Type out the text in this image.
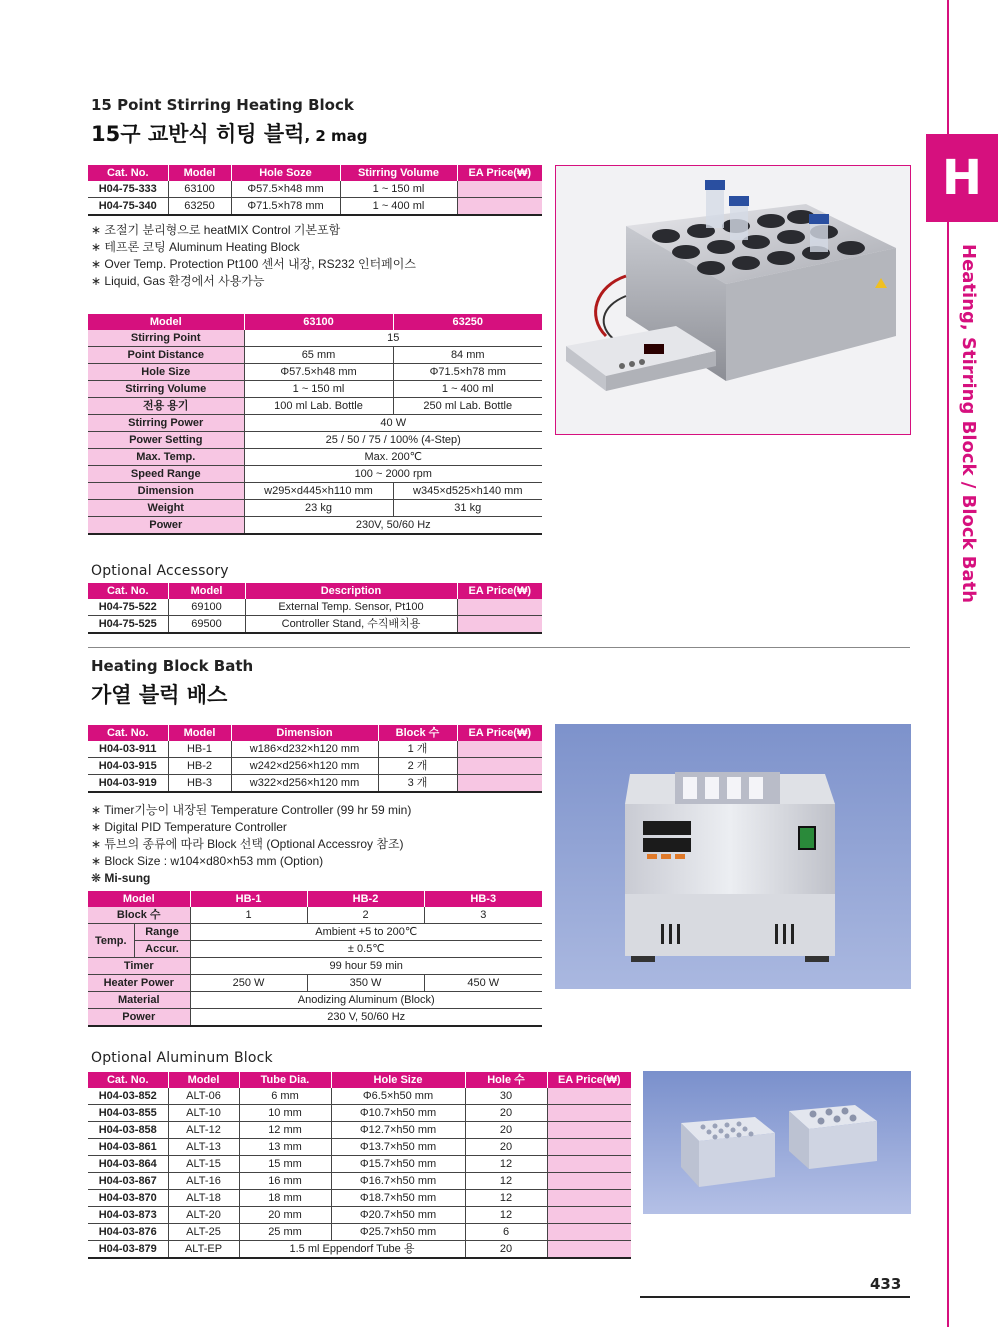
H
Heating, Stirring Block / Block Bath
15 Point Stirring Heating Block
15구 교반식 히팅 블럭, 2 mag
Cat. No.	Model	Hole Soze	Stirring Volume	EA Price(₩)
H04-75-333	63100	Φ57.5×h48 mm	1 ~ 150 ml	
H04-75-340	63250	Φ71.5×h78 mm	1 ~ 400 ml	
∗ 조절기 분리형으로 heatMIX Control 기본포함
∗ 테프론 코팅 Aluminum Heating Block
∗ Over Temp. Protection Pt100 센서 내장, RS232 인터페이스
∗ Liquid, Gas 환경에서 사용가능
Model	63100	63250
Stirring Point	15	
Point Distance	65 mm	84 mm
Hole Size	Φ57.5×h48 mm	Φ71.5×h78 mm
Stirring Volume	1 ~ 150 ml	1 ~ 400 ml
전용 용기	100 ml Lab. Bottle	250 ml Lab. Bottle
Stirring Power	40 W	
Power Setting	25 / 50 / 75 / 100% (4-Step)	
Max. Temp.	Max. 200℃	
Speed Range	100 ~ 2000 rpm	
Dimension	w295×d445×h110 mm	w345×d525×h140 mm
Weight	23 kg	31 kg
Power	230V, 50/60 Hz	
Optional Accessory
Cat. No.	Model	Description	EA Price(₩)
H04-75-522	69100	External Temp. Sensor, Pt100	
H04-75-525	69500	Controller Stand, 수직배치용	
Heating Block Bath
가열 블럭 배스
Cat. No.	Model	Dimension	Block 수	EA Price(₩)
H04-03-911	HB-1	w186×d232×h120 mm	1 개	
H04-03-915	HB-2	w242×d256×h120 mm	2 개	
H04-03-919	HB-3	w322×d256×h120 mm	3 개	
∗ Timer기능이 내장된 Temperature Controller (99 hr 59 min)
∗ Digital PID Temperature Controller
∗ 튜브의 종류에 따라 Block 선택 (Optional Accessroy 참조)
∗ Block Size : w104×d80×h53 mm (Option)
❋ Mi-sung
Model		HB-1	HB-2	HB-3
Block 수		1	2	3
Temp.	Range	Ambient +5 to 200℃		
	Accur.	± 0.5℃		
Timer		99 hour 59 min		
Heater Power		250 W	350 W	450 W
Material		Anodizing Aluminum (Block)		
Power		230 V, 50/60 Hz		
Optional Aluminum Block
Cat. No.	Model	Tube Dia.	Hole Size	Hole 수	EA Price(₩)
H04-03-852	ALT-06	6 mm	Φ6.5×h50 mm	30	
H04-03-855	ALT-10	10 mm	Φ10.7×h50 mm	20	
H04-03-858	ALT-12	12 mm	Φ12.7×h50 mm	20	
H04-03-861	ALT-13	13 mm	Φ13.7×h50 mm	20	
H04-03-864	ALT-15	15 mm	Φ15.7×h50 mm	12	
H04-03-867	ALT-16	16 mm	Φ16.7×h50 mm	12	
H04-03-870	ALT-18	18 mm	Φ18.7×h50 mm	12	
H04-03-873	ALT-20	20 mm	Φ20.7×h50 mm	12	
H04-03-876	ALT-25	25 mm	Φ25.7×h50 mm	6	
H04-03-879	ALT-EP	1.5 ml Eppendorf Tube 용		20	
433
